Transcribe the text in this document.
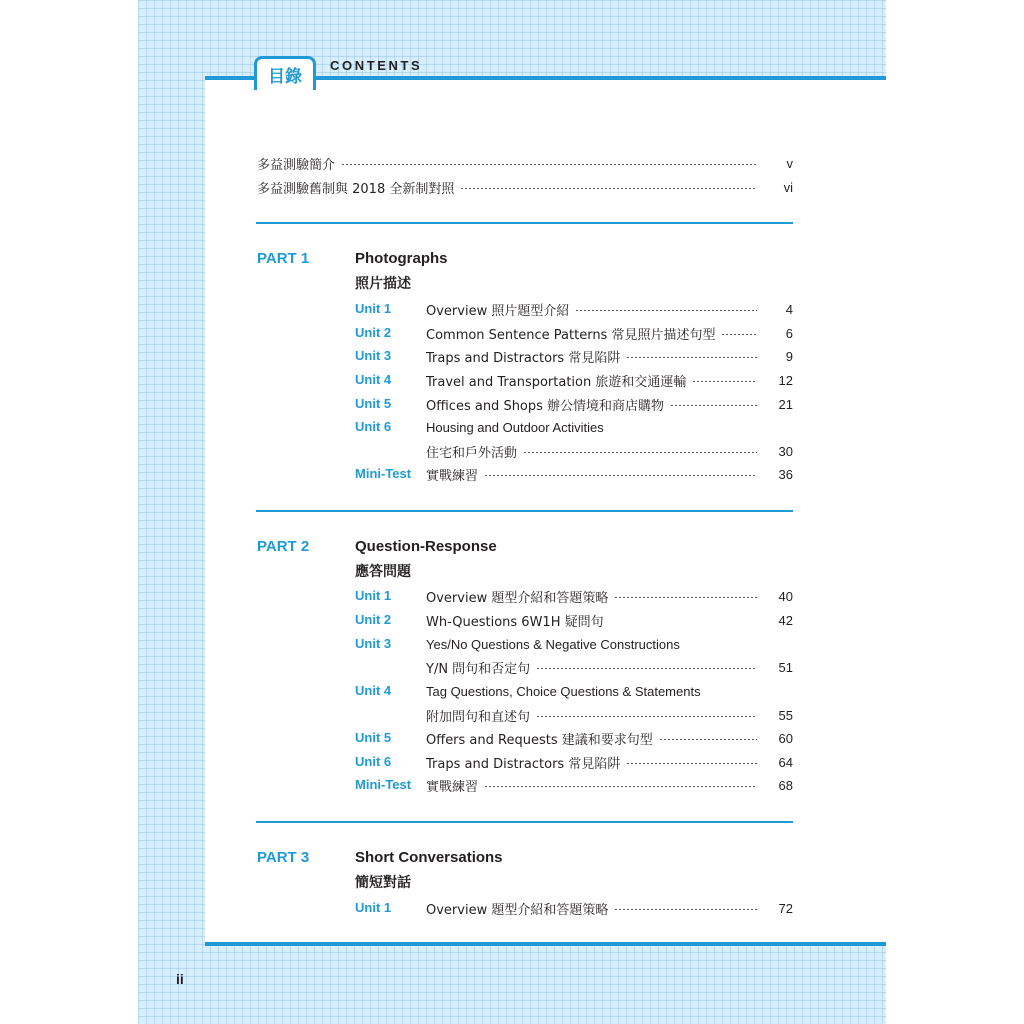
目錄
CONTENTS
多益測驗簡介	v
多益測驗舊制與 2018 全新制對照	vi
PART 1	Photographs
照片描述
Unit 1	Overview 照片題型介紹	4
Unit 2	Common Sentence Patterns 常見照片描述句型	6
Unit 3	Traps and Distractors 常見陷阱	9
Unit 4	Travel and Transportation 旅遊和交通運輸	12
Unit 5	Offices and Shops 辦公情境和商店購物	21
Unit 6	Housing and Outdoor Activities
住宅和戶外活動	30
Mini-Test 實戰練習	36
PART 2	Question-Response
應答問題
Unit 1	Overview 題型介紹和答題策略	40
Unit 2	Wh-Questions 6W1H 疑問句	42
Unit 3	Yes/No Questions & Negative Constructions
Y/N 問句和否定句	51
Unit 4	Tag Questions, Choice Questions & Statements
附加問句和直述句	55
Unit 5	Offers and Requests 建議和要求句型	60
Unit 6	Traps and Distractors 常見陷阱	64
Mini-Test 實戰練習	68
PART 3	Short Conversations
簡短對話
Unit 1	Overview 題型介紹和答題策略	72
ii
